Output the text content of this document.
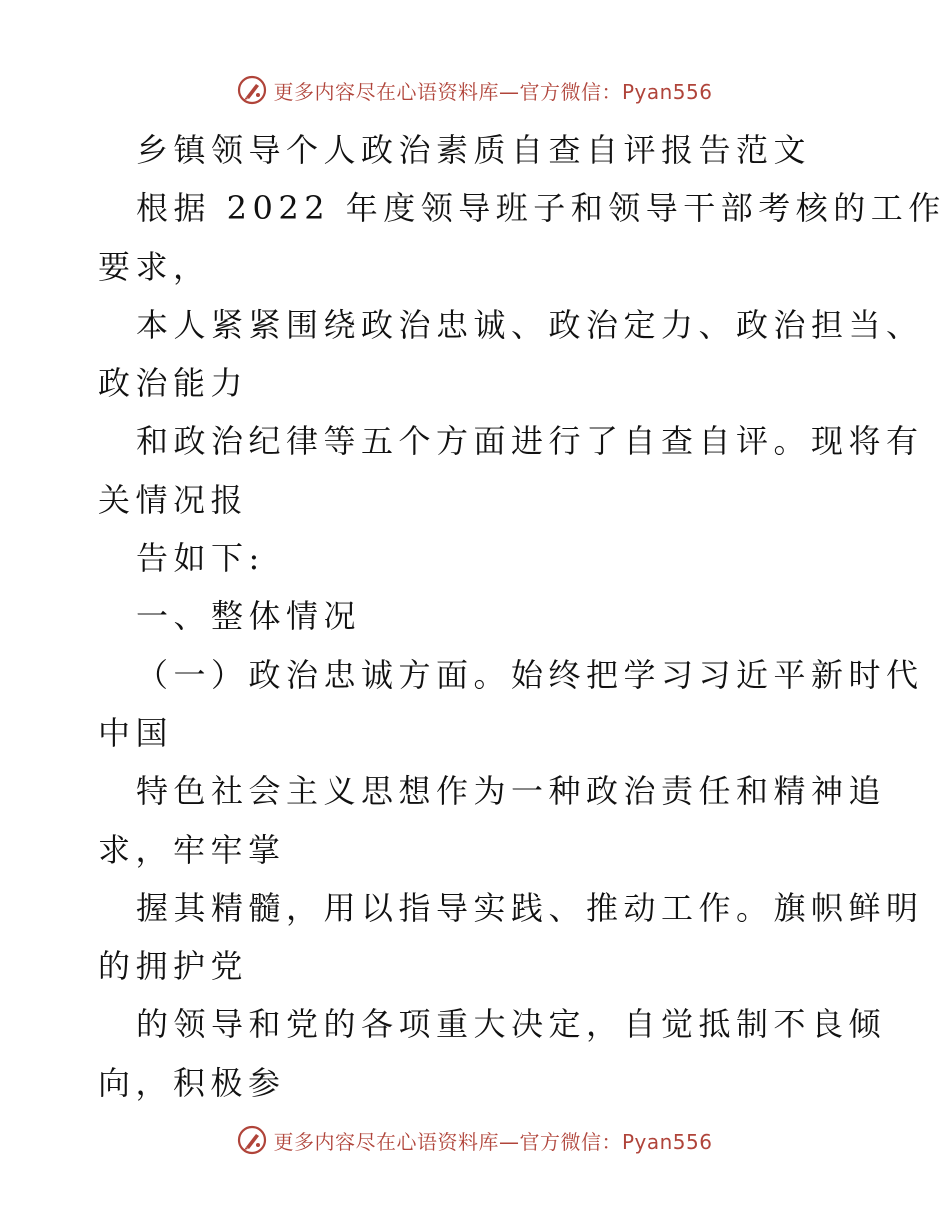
更多内容尽在心语资料库—官方微信：Pyan556
乡镇领导个人政治素质自查自评报告范文
根据 2022 年度领导班子和领导干部考核的工作
要求，
本人紧紧围绕政治忠诚、政治定力、政治担当、
政治能力
和政治纪律等五个方面进行了自查自评。现将有
关情况报
告如下:
一、整体情况
（一）政治忠诚方面。始终把学习习近平新时代
中国
特色社会主义思想作为一种政治责任和精神追
求，牢牢掌
握其精髓，用以指导实践、推动工作。旗帜鲜明
的拥护党
的领导和党的各项重大决定，自觉抵制不良倾
向，积极参
更多内容尽在心语资料库—官方微信：Pyan556
